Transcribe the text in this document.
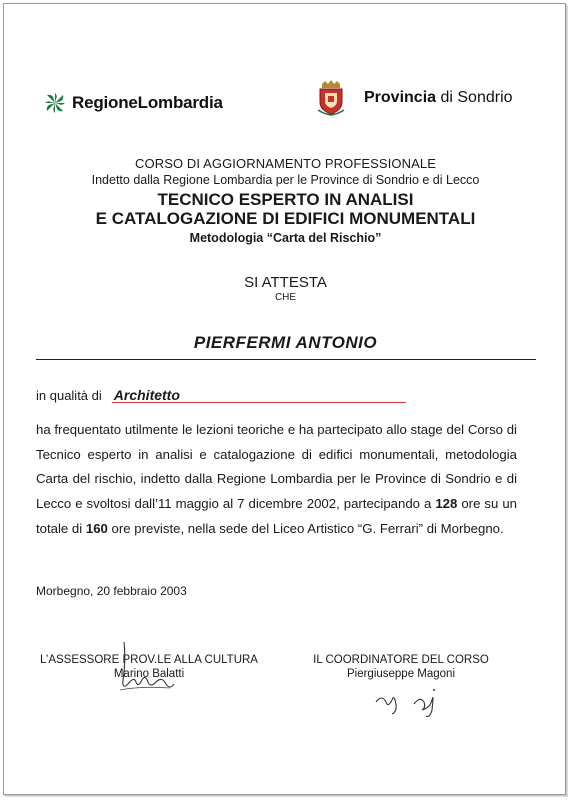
RegioneLombardia	Provincia di Sondrio
CORSO DI AGGIORNAMENTO PROFESSIONALE
Indetto dalla Regione Lombardia per le Province di Sondrio e di Lecco
TECNICO ESPERTO IN ANALISI
E CATALOGAZIONE DI EDIFICI MONUMENTALI
Metodologia “Carta del Rischio”
SI ATTESTA
CHE
PIERFERMI ANTONIO
in qualità di Architetto

ha frequentato utilmente le lezioni teoriche e ha partecipato allo stage del Corso di Tecnico esperto in analisi e catalogazione di edifici monumentali, metodologia Carta del rischio, indetto dalla Regione Lombardia per le Province di Sondrio e di Lecco e svoltosi dall’11 maggio al 7 dicembre 2002, partecipando a 128 ore su un totale di 160 ore previste, nella sede del Liceo Artistico “G. Ferrari” di Morbegno.

Morbegno, 20 febbraio 2003
L’ASSESSORE PROV.LE ALLA CULTURA
Marino Balatti
IL COORDINATORE DEL CORSO
Piergiuseppe Magoni
